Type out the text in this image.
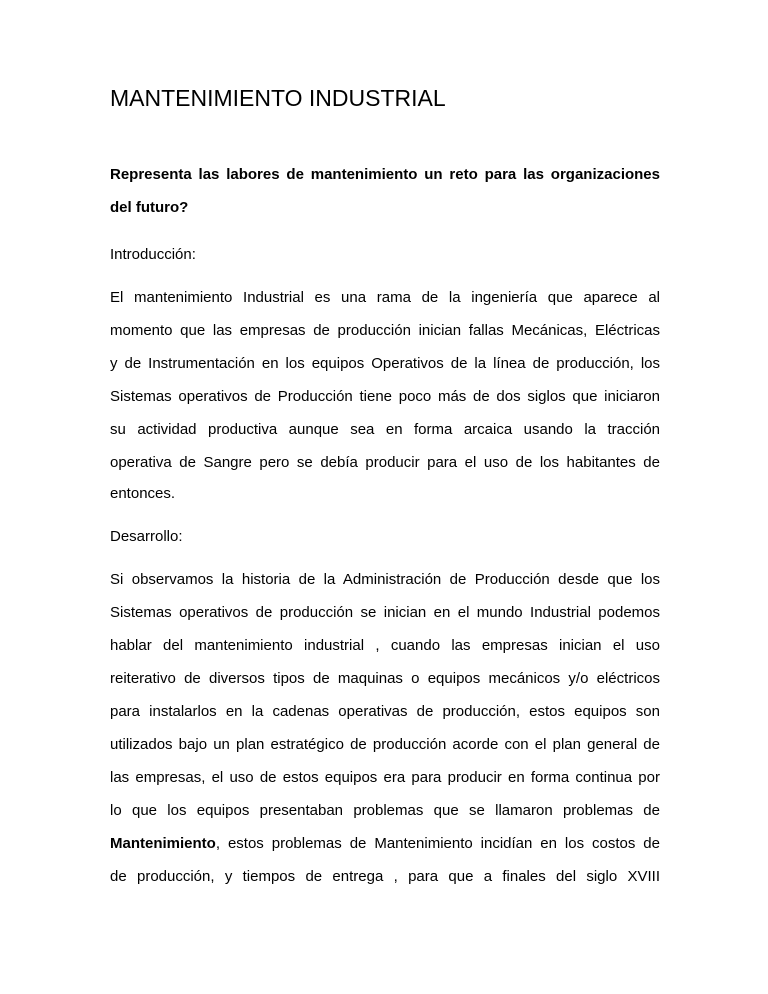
MANTENIMIENTO INDUSTRIAL
Representa las labores de mantenimiento un reto para las organizaciones
del futuro?
Introducción:
El mantenimiento Industrial es una rama de la ingeniería que aparece al
momento que las empresas de producción inician fallas Mecánicas, Eléctricas
y de Instrumentación en los equipos Operativos de la línea de producción, los
Sistemas operativos de Producción tiene poco más de dos siglos que iniciaron
su actividad productiva aunque sea en forma arcaica usando la tracción
operativa de Sangre pero se debía producir para el uso de los habitantes de
entonces.
Desarrollo:
Si observamos la historia de la Administración de Producción desde que los
Sistemas operativos de producción se inician en el mundo Industrial podemos
hablar del mantenimiento industrial , cuando las empresas inician el uso
reiterativo de diversos tipos de maquinas o equipos mecánicos y/o eléctricos
para instalarlos en la cadenas operativas de producción, estos equipos son
utilizados bajo un plan estratégico de producción acorde con el plan general de
las empresas, el uso de estos equipos era para producir en forma continua por
lo que los equipos presentaban problemas que se llamaron problemas de
Mantenimiento, estos problemas de Mantenimiento incidían en los costos de
de producción, y tiempos de entrega , para que a finales del siglo XVIII
